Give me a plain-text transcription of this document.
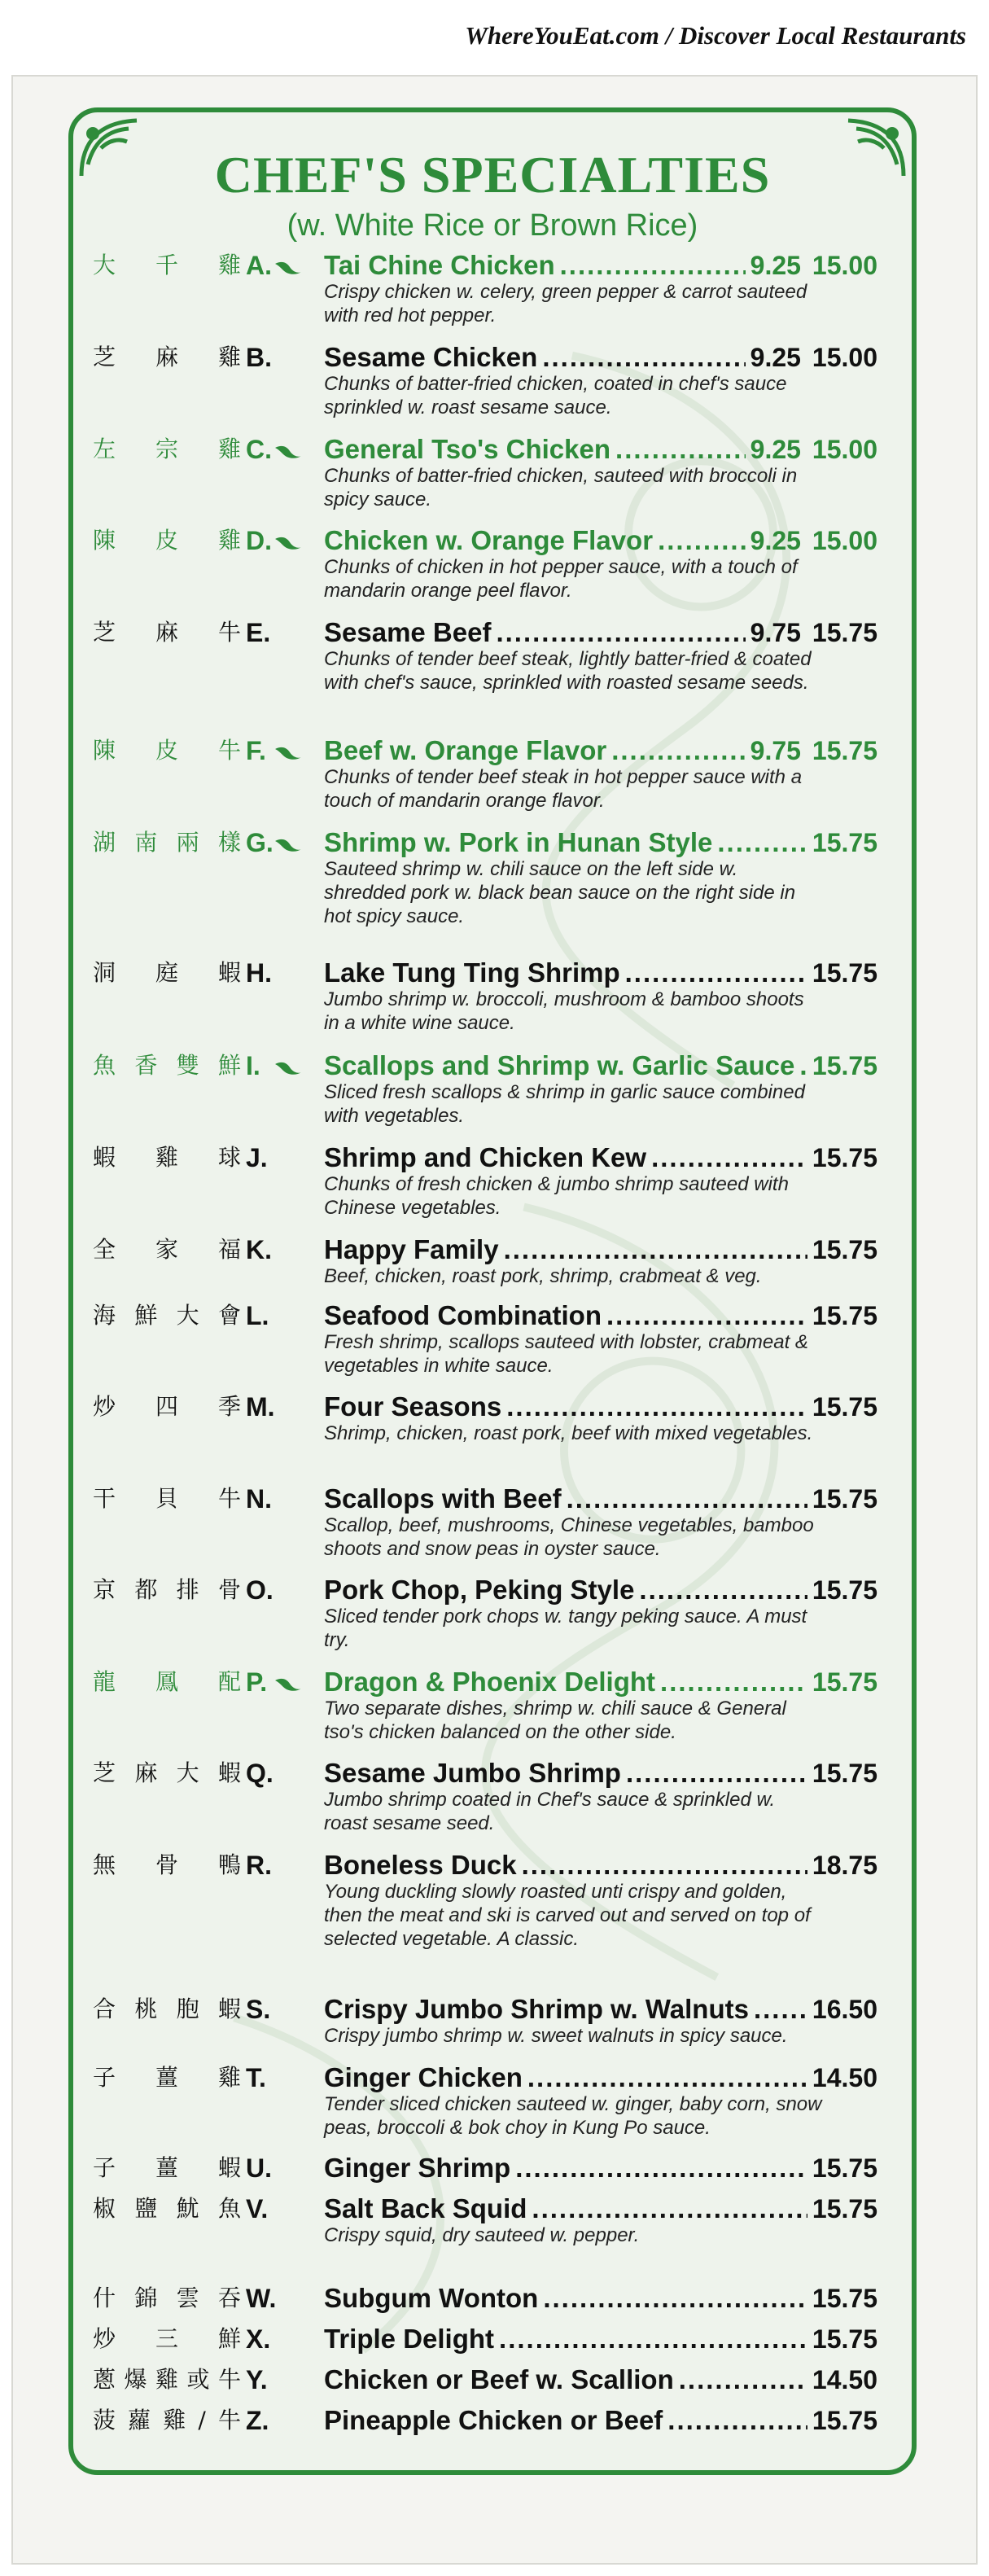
WhereYouEat.com / Discover Local Restaurants
CHEF'S SPECIALTIES
(w. White Rice or Brown Rice)
大 千 雞 A. Tai Chine Chicken .....	9.25 15.00
Crispy chicken w. celery, green pepper & carrot sauteed with red hot pepper.
芝 麻 雞 B. Sesame Chicken .....	9.25 15.00
Chunks of batter-fried chicken, coated in chef's sauce sprinkled w. roast sesame sauce.
左 宗 雞 C. General Tso's Chicken .....	9.25 15.00
Chunks of batter-fried chicken, sauteed with broccoli in spicy sauce.
陳 皮 雞 D. Chicken w. Orange Flavor .....	9.25 15.00
Chunks of chicken in hot pepper sauce, with a touch of mandarin orange peel flavor.
芝 麻 牛 E. Sesame Beef .....	9.75 15.75
Chunks of tender beef steak, lightly batter-fried & coated with chef's sauce, sprinkled with roasted sesame seeds.
陳 皮 牛 F.	Beef w. Orange Flavor .....	9.75 15.75
Chunks of tender beef steak in hot pepper sauce with a touch of mandarin orange flavor.
湖 南 兩 樣 G. Shrimp w. Pork in Hunan Style .....	15.75
Sauteed shrimp w. chili sauce on the left side w. shredded pork w. black bean sauce on the right side in hot spicy sauce.
洞 庭 蝦 H. Lake Tung Ting Shrimp .....	15.75
Jumbo shrimp w. broccoli, mushroom & bamboo shoots in a white wine sauce.
魚 香 雙 鮮 I.	Scallops and Shrimp w. Garlic Sauce ..... 15.75
Sliced fresh scallops & shrimp in garlic sauce combined with vegetables.
蝦 雞 球 J.	Shrimp and Chicken Kew .....	15.75
Chunks of fresh chicken & jumbo shrimp sauteed with Chinese vegetables.
全 家 福 K. Happy Family .....	15.75
Beef, chicken, roast pork, shrimp, crabmeat & veg.
海 鮮 大 會 L.	Seafood Combination .....	15.75
Fresh shrimp, scallops sauteed with lobster, crabmeat & vegetables in white sauce.
炒 四 季 M. Four Seasons .....	15.75
Shrimp, chicken, roast pork, beef with mixed vegetables.
干 貝 牛 N. Scallops with Beef .....	15.75
Scallop, beef, mushrooms, Chinese vegetables, bamboo shoots and snow peas in oyster sauce.
京 都 排 骨 O. Pork Chop, Peking Style .....	15.75
Sliced tender pork chops w. tangy peking sauce. A must try.
龍 鳳 配 P.	Dragon & Phoenix Delight .....	15.75
Two separate dishes, shrimp w. chili sauce & General tso's chicken balanced on the other side.
芝 麻 大 蝦 Q. Sesame Jumbo Shrimp .....	15.75
Jumbo shrimp coated in Chef's sauce & sprinkled w. roast sesame seed.
無 骨 鴨 R. Boneless Duck .....	18.75
Young duckling slowly roasted unti crispy and golden, then the meat and ski is carved out and served on top of selected vegetable. A classic.
合 桃 胞 蝦 S. Crispy Jumbo Shrimp w. Walnuts ..... 16.50
Crispy jumbo shrimp w. sweet walnuts in spicy sauce.
子 薑 雞 T.	Ginger Chicken .....	14.50
Tender sliced chicken sauteed w. ginger, baby corn, snow peas, broccoli & bok choy in Kung Po sauce.
子 薑 蝦 U. Ginger Shrimp .....	15.75
椒 鹽 魷 魚 V.	Salt Back Squid .....	15.75
Crispy squid, dry sauteed w. pepper.
什 錦 雲 吞 W. Subgum Wonton .....	15.75
炒 三 鮮 X. Triple Delight .....	15.75
蔥 爆 雞 或 牛 Y.	Chicken or Beef w. Scallion .....	14.50
菠 蘿 雞 / 牛 Z.	Pineapple Chicken or Beef .....	15.75
